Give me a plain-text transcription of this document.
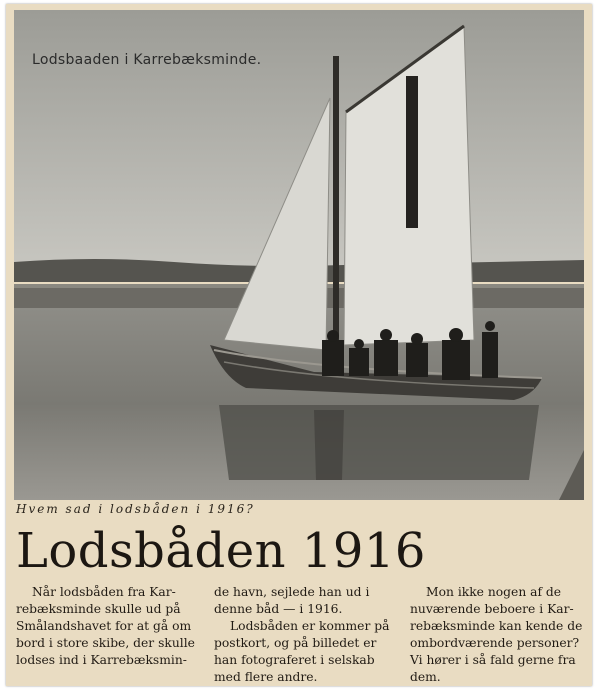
Lodsbaaden i Karrebæksminde.
Hvem sad i lodsbåden i 1916?
Lodsbåden 1916

Når lodsbåden fra Kar-
rebæksminde skulle ud på
Smålandshavet for at gå om
bord i store skibe, der skulle
lodses ind i Karrebæksmin-

de havn, sejlede han ud i
denne båd — i 1916.
Lodsbåden er kommer på
postkort, og på billedet er
han fotograferet i selskab
med flere andre.

Mon ikke nogen af de
nuværende beboere i Kar-
rebæksminde kan kende de
ombordværende personer?
Vi hører i så fald gerne fra
dem.
